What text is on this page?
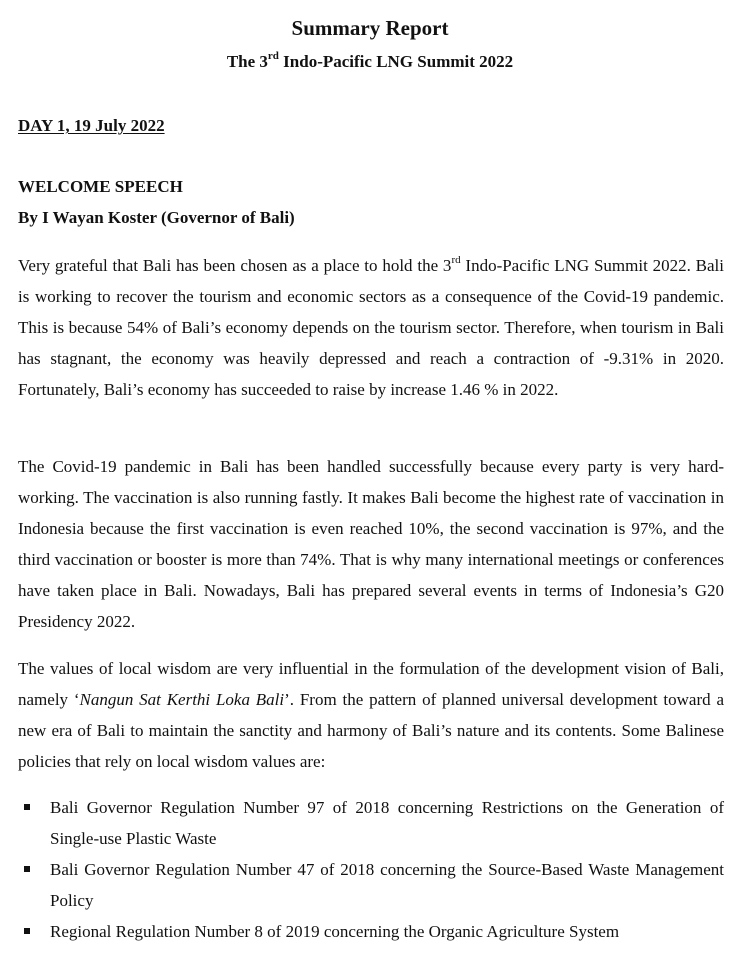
Summary Report
The 3rd Indo-Pacific LNG Summit 2022
DAY 1, 19 July 2022
WELCOME SPEECH
By I Wayan Koster (Governor of Bali)

Very grateful that Bali has been chosen as a place to hold the 3rd Indo-Pacific LNG Summit 2022. Bali is working to recover the tourism and economic sectors as a consequence of the Covid-19 pandemic. This is because 54% of Bali’s economy depends on the tourism sector. Therefore, when tourism in Bali has stagnant, the economy was heavily depressed and reach a contraction of -9.31% in 2020. Fortunately, Bali’s economy has succeeded to raise by increase 1.46 % in 2022.

The Covid-19 pandemic in Bali has been handled successfully because every party is very hard-working. The vaccination is also running fastly. It makes Bali become the highest rate of vaccination in Indonesia because the first vaccination is even reached 10%, the second vaccination is 97%, and the third vaccination or booster is more than 74%. That is why many international meetings or conferences have taken place in Bali. Nowadays, Bali has prepared several events in terms of Indonesia’s G20 Presidency 2022.

The values of local wisdom are very influential in the formulation of the development vision of Bali, namely ‘Nangun Sat Kerthi Loka Bali’. From the pattern of planned universal development toward a new era of Bali to maintain the sanctity and harmony of Bali’s nature and its contents. Some Balinese policies that rely on local wisdom values are:

Bali Governor Regulation Number 97 of 2018 concerning Restrictions on the Generation of Single-use Plastic Waste
Bali Governor Regulation Number 47 of 2018 concerning the Source-Based Waste Management Policy
Regional Regulation Number 8 of 2019 concerning the Organic Agriculture System
